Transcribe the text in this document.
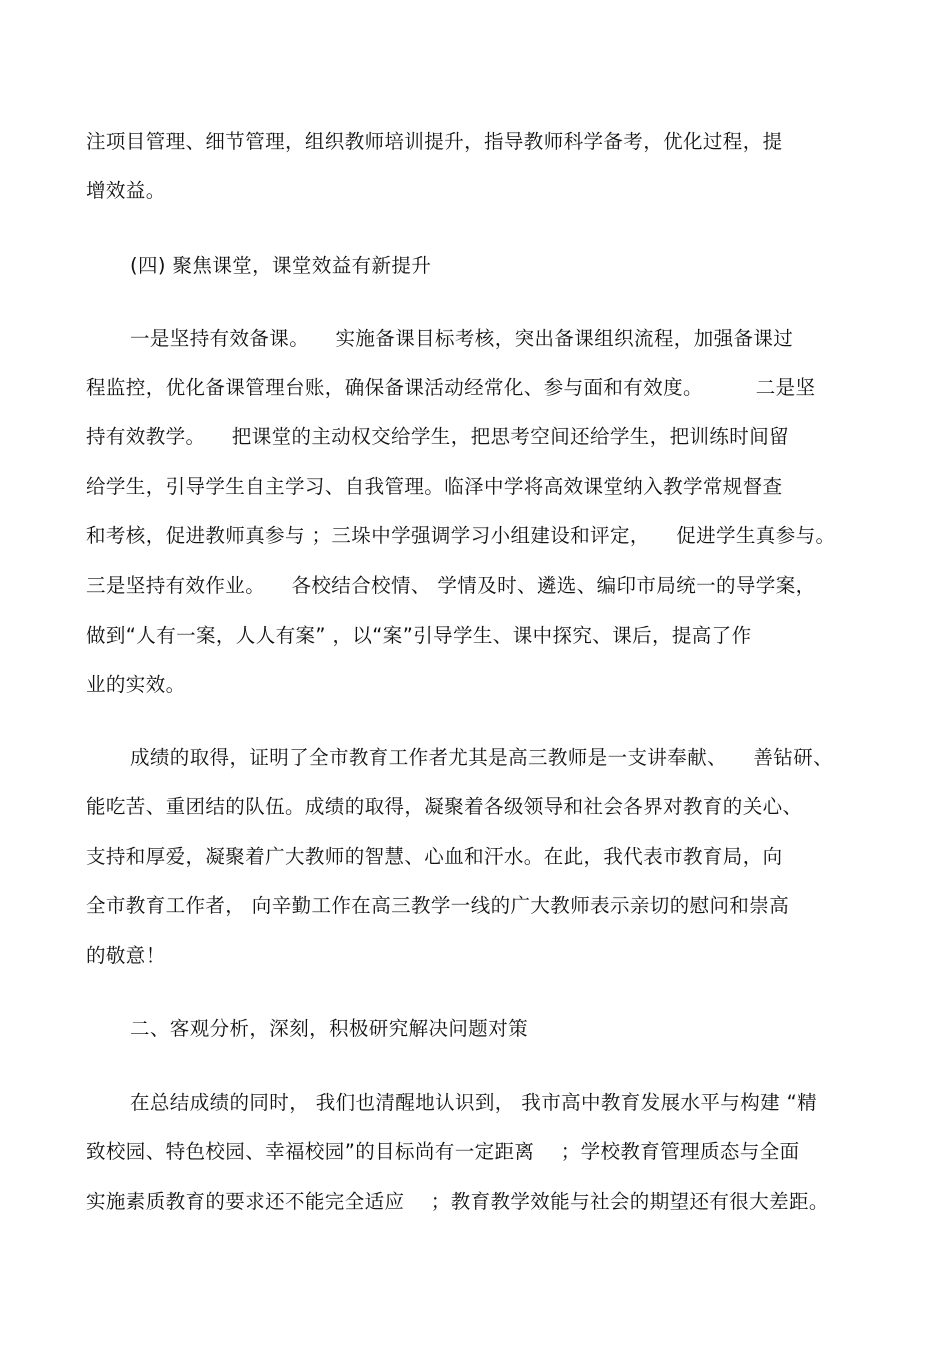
注项目管理、细节管理，组织教师培训提升，指导教师科学备考，优化过程，提
增效益。
(四) 聚焦课堂，课堂效益有新提升
一是坚持有效备课。    实施备课目标考核，突出备课组织流程，加强备课过
程监控，优化备课管理台账，确保备课活动经常化、参与面和有效度。        二是坚
持有效教学。    把课堂的主动权交给学生，把思考空间还给学生，把训练时间留
给学生，引导学生自主学习、自我管理。临泽中学将高效课堂纳入教学常规督查
和考核，促进教师真参与 ；三垛中学强调学习小组建设和评定，    促进学生真参与。
三是坚持有效作业。    各校结合校情、 学情及时、遴选、编印市局统一的导学案，
做到“人有一案，人人有案” ，以“案”引导学生、课中探究、课后，提高了作
业的实效。
成绩的取得，证明了全市教育工作者尤其是高三教师是一支讲奉献、    善钻研、
能吃苦、重团结的队伍。成绩的取得，凝聚着各级领导和社会各界对教育的关心、
支持和厚爱，凝聚着广大教师的智慧、心血和汗水。在此，我代表市教育局，向
全市教育工作者， 向辛勤工作在高三教学一线的广大教师表示亲切的慰问和崇高
的敬意！
二、客观分析，深刻，积极研究解决问题对策
在总结成绩的同时， 我们也清醒地认识到， 我市高中教育发展水平与构建 “精
致校园、特色校园、幸福校园”的目标尚有一定距离    ；学校教育管理质态与全面
实施素质教育的要求还不能完全适应    ；教育教学效能与社会的期望还有很大差距。
